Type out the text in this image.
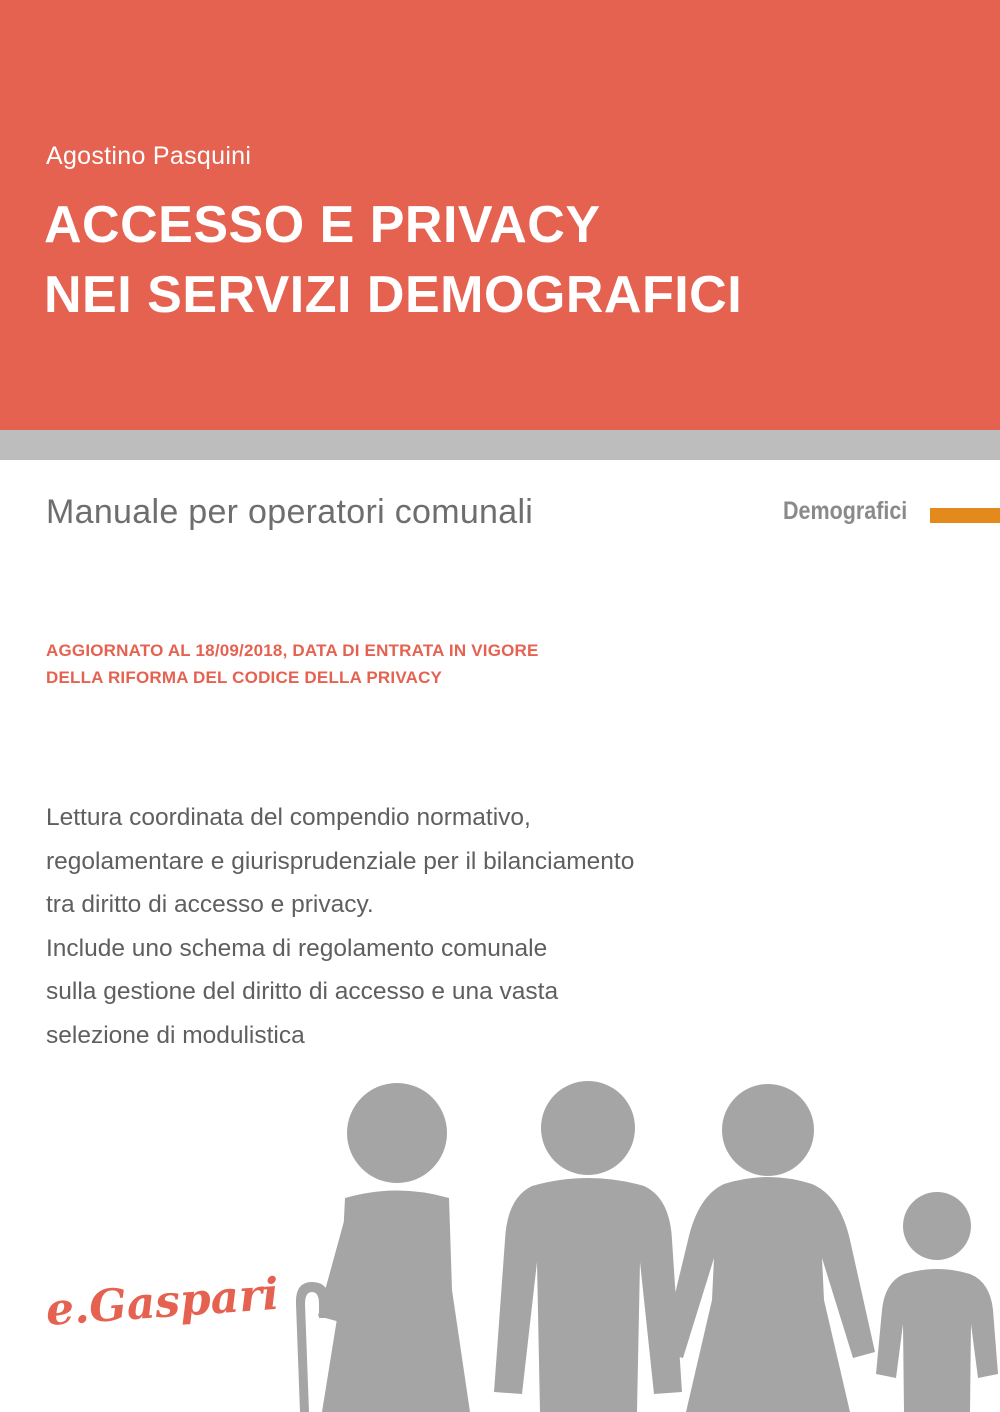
Agostino Pasquini
ACCESSO E PRIVACY
NEI SERVIZI DEMOGRAFICI
Manuale per operatori comunali	Demografici
AGGIORNATO AL 18/09/2018, DATA DI ENTRATA IN VIGORE
DELLA RIFORMA DEL CODICE DELLA PRIVACY
Lettura coordinata del compendio normativo,
regolamentare e giurisprudenziale per il bilanciamento
tra diritto di accesso e privacy.
Include uno schema di regolamento comunale
sulla gestione del diritto di accesso e una vasta
selezione di modulistica
e.Gaspari
